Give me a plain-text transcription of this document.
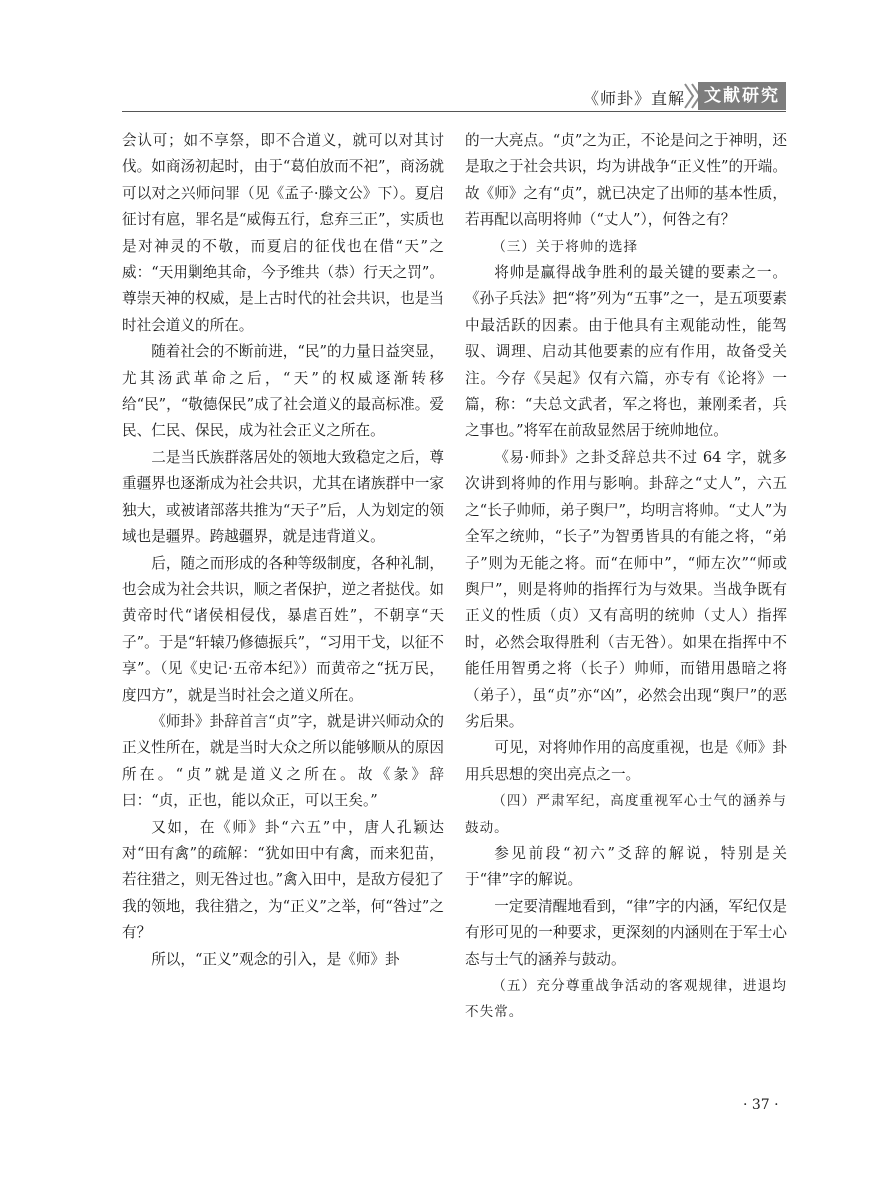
《师卦》直解	文献研究

会认可；如不享祭，即不合道义，就可以对其讨伐。如商汤初起时，由于“葛伯放而不祀”，商汤就可以对之兴师问罪（见《孟子·滕文公》下）。夏启征讨有扈，罪名是“威侮五行，怠弃三正”，实质也是对神灵的不敬，而夏启的征伐也在借“天”之威：“天用剿绝其命，今予维共（恭）行天之罚”。尊崇天神的权威，是上古时代的社会共识，也是当时社会道义的所在。

随着社会的不断前进，“民”的力量日益突显，尤其汤武革命之后，“天”的权威逐渐转移给“民”，“敬德保民”成了社会道义的最高标准。爱民、仁民、保民，成为社会正义之所在。

二是当氏族群落居处的领地大致稳定之后，尊重疆界也逐渐成为社会共识，尤其在诸族群中一家独大，或被诸部落共推为“天子”后，人为划定的领域也是疆界。跨越疆界，就是违背道义。

后，随之而形成的各种等级制度，各种礼制，也会成为社会共识，顺之者保护，逆之者挞伐。如黄帝时代“诸侯相侵伐，暴虐百姓”，不朝享“天子”。于是“轩辕乃修德振兵”，“习用干戈，以征不享”。（见《史记·五帝本纪》）而黄帝之“抚万民，度四方”，就是当时社会之道义所在。

《师卦》卦辞首言“贞”字，就是讲兴师动众的正义性所在，就是当时大众之所以能够顺从的原因所在。“贞”就是道义之所在。故《彖》辞曰：“贞，正也，能以众正，可以王矣。”

又如，在《师》卦“六五”中，唐人孔颖达对“田有禽”的疏解：“犹如田中有禽，而来犯苗，若往猎之，则无咎过也。”禽入田中，是敌方侵犯了我的领地，我往猎之，为“正义”之举，何“咎过”之有？

所以，“正义”观念的引入，是《师》卦

的一大亮点。“贞”之为正，不论是问之于神明，还是取之于社会共识，均为讲战争“正义性”的开端。故《师》之有“贞”，就已决定了出师的基本性质，若再配以高明将帅（“丈人”），何咎之有？

（三）关于将帅的选择

将帅是赢得战争胜利的最关键的要素之一。《孙子兵法》把“将”列为“五事”之一，是五项要素中最活跃的因素。由于他具有主观能动性，能驾驭、调理、启动其他要素的应有作用，故备受关注。今存《吴起》仅有六篇，亦专有《论将》一篇，称：“夫总文武者，军之将也，兼刚柔者，兵之事也。”将军在前敌显然居于统帅地位。

《易·师卦》之卦爻辞总共不过 64 字，就多次讲到将帅的作用与影响。卦辞之“丈人”，六五之“长子帅师，弟子舆尸”，均明言将帅。“丈人”为全军之统帅，“长子”为智勇皆具的有能之将，“弟子”则为无能之将。而“在师中”，“师左次”“师或舆尸”，则是将帅的指挥行为与效果。当战争既有正义的性质（贞）又有高明的统帅（丈人）指挥时，必然会取得胜利（吉无咎）。如果在指挥中不能任用智勇之将（长子）帅师，而错用愚暗之将（弟子），虽“贞”亦“凶”，必然会出现“舆尸”的恶劣后果。

可见，对将帅作用的高度重视，也是《师》卦用兵思想的突出亮点之一。

（四）严肃军纪，高度重视军心士气的涵养与鼓动。

参见前段“初六”爻辞的解说，特别是关于“律”字的解说。

一定要清醒地看到，“律”字的内涵，军纪仅是有形可见的一种要求，更深刻的内涵则在于军士心态与士气的涵养与鼓动。

（五）充分尊重战争活动的客观规律，进退均不失常。

· 37 ·
